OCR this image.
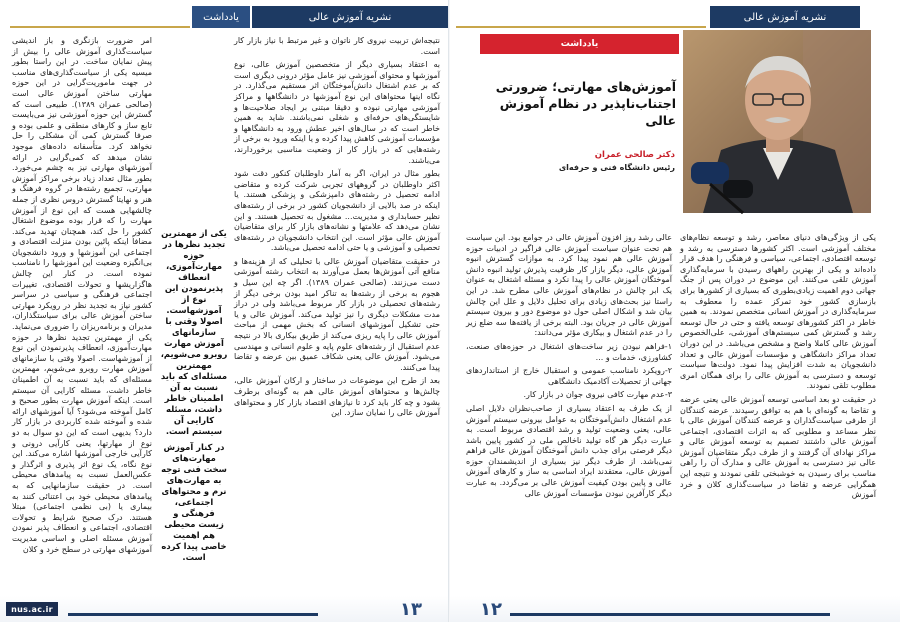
یادداشت	نشریه آموزش عالی

نتیجه‌اش تربیت نیروی کار ناتوان و غیر مرتبط با نیاز بازار کار است.

به اعتقاد بسیاری دیگر از متخصصین آموزش عالی، نوع آموزشها و محتوای آموزشی نیز عامل مؤثر درونی دیگری است که بر عدم اشتغال دانش‌آموختگان اثر مستقیم می‌گذارد. در نگاه اینها محتواهای این نوع آموزشها در دانشگاهها و مراکز آموزشی مهارتی نبوده و دقیقا مبتنی بر ایجاد صلاحیت‌ها و شایستگی‌های حرفه‌ای و شغلی نمی‌باشند. شاید به همین خاطر است که در سال‌های اخیر عطش ورود به دانشگاهها و مؤسسات آموزشی کاهش پیدا کرده و یا اینکه ورود به برخی از رشته‌هایی که در بازار کار از وضعیت مناسبی برخوردارند، می‌باشند.

بطور مثال در ایران، اگر به آمار داوطلبان کنکور دقت شود اکثر داوطلبان در گروههای تجربی شرکت کرده و متقاضی ادامه تحصیل در رشته‌های دامپزشکی و پزشکی هستند. یا اینکه در صد بالایی از دانشجویان کشور در برخی از رشته‌های نظیر حسابداری و مدیریت... مشغول به تحصیل هستند. و این نشان می‌دهد که علامتها و نشانه‌های بازار کار برای متقاضیان آموزش عالی مؤثر است. این انتخاب دانشجویان در رشته‌های تحصیلی و آموزشی و یا حتی ادامه تحصیل می‌باشد.

در حقیقت متقاضیان آموزش عالی با تحلیلی که از هزینه‌ها و منافع آتی آموزش‌ها بعمل می‌آورند به انتخاب رشته آموزشی دست می‌زنند. (صالحی عمران ۱۳۸۹). اگر چه این سیل و هجوم به برخی از رشته‌ها به تناکر امید بودن برخی دیگر از رشته‌های تحصیلی در بازار کار مربوط می‌باشد ولی در دراز مدت مشکلات دیگری را نیز تولید می‌کند. آموزش عالی و یا حتی تشکیل آموزشهای انسانی که بخش مهمی از مباحث آموزش عالی را پایه ریزی می‌کند از طریق بیکاری بالا در نتیجه عدم استقبال از رشته‌های علوم پایه و علوم انسانی و مهندسی می‌شود. آموزش عالی یعنی شکاف عمیق بین عرضه و تقاضا پیدا می‌کنند.

بعد از طرح این موضوعات در ساختار و ارکان آموزش عالی، چالش‌ها و محتواهای آموزش عالی هم به گونه‌ای برطرف بشود و چه کار باید کرد تا نیازهای اقتصاد بازار کار و محتواهای آموزش عالی را نمایان سازد. این

امر ضرورت بازنگری و باز اندیشی سیاست‌گذاری آموزش عالی را بیش از پیش نمایان ساخت. در این راستا بطور میسیه یکی از سیاست‌گذاری‌های مناسب در جهت ماموریت‌گرایی در این حوزه مهارتی ساختن آموزش عالی است (صالحی عمران ۱۳۸۹). طبیعی است که گسترش این حوزه آموزشی نیز می‌بایست تابع ساز و کارهای منطقی و علمی بوده و صرفا گسترش کمی آن مشکلی را حل نخواهد کرد. متأسفانه داده‌های موجود نشان میدهد که کمی‌گرایی در ارائه آموزشهای مهارتی نیز به چشم می‌خورد. بطور مثال تعداد زیاد برخی مراکز آموزش مهارتی، تجمیع رشته‌ها در گروه فرهنگ و هنر و نهایتا گسترش دروس نظری از جمله چالشهایی هست که این نوع از آموزش مهارت را که قرار بوده موضوع اشتغال کشور را حل کند، همچنان تهدید می‌کند. مضافاً اینکه پائین بودن منزلت اقتصادی و اجتماعی این آموزشها و ورود دانشجویان بی‌انگیزه وضعیت این آموزشها را نامناسب نموده است. در کنار این چالش هاگزاریشها و تحولات اقتصادی، تغییرات اجتماعی فرهنگی و سیاسی در سراسر کشور نیاز به تجدید نظر در رویکرد مهارتی ساختن آموزش عالی برای سیاستگذاران، مدیران و برنامه‌ریزان را ضروری می‌نماید. یکی از مهمترین تجدید نظرها در حوزه مهارت‌آموزی، انعطاف پذیرنمودن این نوع از آموزشهاست. اصولا وقتی با سازمانهای آموزش مهارت روبرو می‌شویم، مهمترین مسئله‌ای که باید نسبت به آن اطمینان خاطر داشت، مسئله کارایی آن سیستم است. اینکه آموزش مهارت بطور صحیح و کامل آموخته می‌شود؟ آیا آموزشهای ارائه شده و آموخته شده کاربردی در بازار کار دارد؟ بدیهی است که این دو سوال به دو نوع از مهارتها، یعنی کارآیی درونی و کارآیی خارجی آموزشها اشاره می‌کند. این نوع نگاه، یک نوع اثر پذیری و اثرگذار و عکس‌العمل نسبت به پیامدهای محیطی است. در حقیقت سازمانهایی که به پیامدهای محیطی خود بی اعتنائی کنند به بیماری یا (بی نظمی اجتماعی) مبتلا هستند. درک صحیح شرایط و تحولات اقتصادی، اجتماعی و انعطاف پذیر نمودن آموزش مسئله اصلی و اساسی مدیریت آموزشهای مهارتی در سطح خرد و کلان

یکی از مهمترین تجدید نظرها در حوزه مهارت‌آموزی، انعطاف پذیرنمودن این نوع از آموزشهاست. اصولا وقتی با سازمانهای آموزش مهارت روبرو می‌شویم، مهمترین مسئله‌ای که باید نسبت به آن اطمینان خاطر داشت، مسئله کارایی آن سیستم است.

در کنار آموزش مهارت‌های سخت فنی توجه به مهارت‌های نرم و محتواهای اجتماعی، فرهنگی و زیست محیطی هم اهمیت خاصی پیدا کرده است.

nus.ac.ir	۱۳
نشریه آموزش عالی
۱۲
یادداشت
آموزش‌های مهارتی؛ ضرورتی
اجتناب‌ناپذیر در نظام آموزش عالی
دکتر صالحی عمران
رئیس دانشگاه فنی و حرفه‌ای

یکی از ویژگی‌های دنیای معاصر، رشد و توسعه نظام‌های مختلف آموزشی است. اکثر کشورها دسترسی به رشد و توسعه اقتصادی، اجتماعی، سیاسی و فرهنگی را هدف قرار داده‌اند و یکی از بهترین راههای رسیدن با سرمایه‌گذاری آموزش تلقی می‌کنند. این موضوع در دوران پس از جنگ جهانی دوم اهمیت زیادی‌بطوری که بسیاری از کشورها برای بازسازی کشور خود تمرکز عمده را معطوف به سرمایه‌گذاری در آموزش انسانی متخصص نمودند. به همین خاطر در اکثر کشورهای توسعه یافته و حتی در حال توسعه رشد و گسترش کمی سیستم‌های آموزشی، علی‌الخصوص آموزش عالی کاملا واضح و مشخص می‌باشد. در این دوران تعداد مراکز دانشگاهی و مؤسسات آموزش عالی و تعداد دانشجویان به شدت افزایش پیدا نمود. دولت‌ها سیاست توسعه و دسترسی به آموزش عالی را برای همگان امری مطلوب تلقی نمودند.

در حقیقت دو بعد اساسی توسعه آموزش عالی یعنی عرضه و تقاضا به گونه‌ای با هم به توافق رسیدند. عرضه کنندگان از طرفی سیاست‌گذاران و عرضه کنندگان آموزش عالی با نظر مساعد و مطلوبی که به اثرات اقتصادی، اجتماعی آموزش عالی داشتند تصمیم به توسعه آموزش عالی و مراکز نهادای آن گرفتند و از طرف دیگر متقاضیان آموزش عالی نیز دسترسی به آموزش عالی و مدارک آن را راهی مناسب برای رسیدن به خوشبختی تلقی نمودند و نتیجه این همگرایی عرضه و تقاضا در سیاست‌گذاری کلان و خرد آموزش

عالی رشد روز افزون آموزش عالی در جوامع بود. این سیاست هم تحت عنوان سیاست آموزش عالی فراگیر در ادبیات حوزه آموزش عالی هم نمود پیدا کرد. به موازات گسترش انبوه آموزش عالی، دیگر بازار کار ظرفیت پذیرش تولید انبوه دانش آموختگان آموزش عالی را پیدا نکرد و مسئله اشتغال به عنوان یک ابر چالش در نظام‌های آموزش عالی مطرح شد. در این راستا نیز بحث‌های زیادی برای تحلیل دلایل و علل این چالش بیان شد و اشکال اصلی حول دو موضوع دور و بیرون سیستم آموزش عالی در جریان بود. البته برخی از یافته‌ها سه ضلع زیر را در عدم اشتغال و بیکاری مؤثر می‌دانند:

۱-فراهم نبودن زیر ساخت‌های اشتغال در حوزه‌های صنعت، کشاورزی، خدمات و ...

۲-رویکرد نامناسب عمومی و استقبال خارج از استانداردهای جهانی از تحصیلات آکادمیک دانشگاهی

۳-عدم مهارت کافی نیروی جوان در بازار کار.

از یک طرف به اعتقاد بسیاری از صاحب‌نظران دلایل اصلی عدم اشتغال دانش‌آموختگان به عوامل بیرونی سیستم آموزش عالی، یعنی وضعیت تولید و رشد اقتصادی مربوط است. به عبارت دیگر هر گاه تولید ناخالص ملی در کشور پایین باشد دیگر فرصتی برای جذب دانش آموختگان آموزش عالی فراهم نمی‌باشد. از طرف دیگر نیز بسیاری از اندیشمندان حوزه آموزش عالی، معتقدند ایراد اساسی به ساز و کارهای آموزش عالی و پایین بودن کیفیت آموزش عالی بر می‌گردد. به عبارت دیگر کارآفرین نبودن مؤسسات آموزش عالی
